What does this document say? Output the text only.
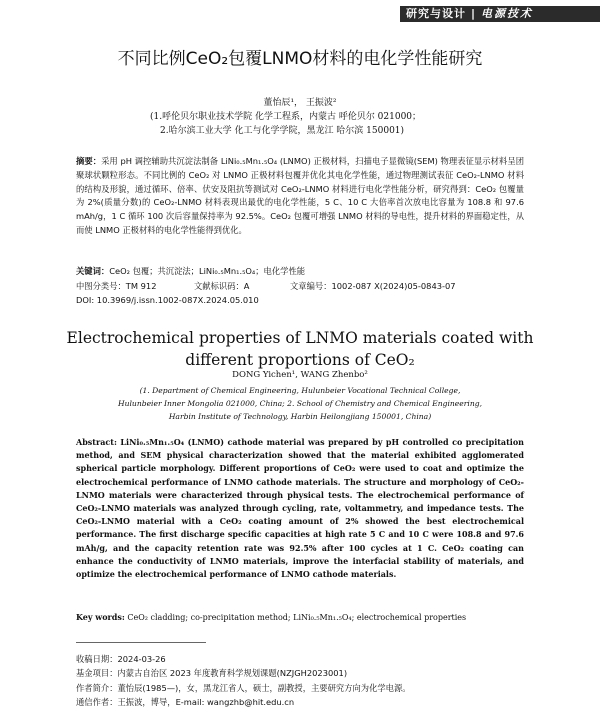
研究与设计 | 电源技术
不同比例CeO₂包覆LNMO材料的电化学性能研究
董怡辰¹， 王振波²
(1.呼伦贝尔职业技术学院 化学工程系，内蒙古 呼伦贝尔 021000；
2.哈尔滨工业大学 化工与化学学院，黑龙江 哈尔滨 150001)
摘要：采用 pH 调控辅助共沉淀法制备 LiNi₀.₅Mn₁.₅O₄ (LNMO) 正极材料，扫描电子显微镜(SEM) 物理表征显示材料呈团聚球状颗粒形态。不同比例的 CeO₂ 对 LNMO 正极材料包覆并优化其电化学性能，通过物理测试表征 CeO₂-LNMO 材料的结构及形貌，通过循环、倍率、伏安及阻抗等测试对 CeO₂-LNMO 材料进行电化学性能分析，研究得到：CeO₂ 包覆量为 2%(质量分数)的 CeO₂-LNMO 材料表现出最优的电化学性能，5 C、10 C 大倍率首次放电比容量为 108.8 和 97.6 mAh/g，1 C 循环 100 次后容量保持率为 92.5%。CeO₂ 包覆可增强 LNMO 材料的导电性，提升材料的界面稳定性，从而使 LNMO 正极材料的电化学性能得到优化。
关键词：CeO₂ 包覆；共沉淀法；LiNi₀.₅Mn₁.₅O₄；电化学性能
中图分类号：TM 912	文献标识码：A	文章编号：1002-087 X(2024)05-0843-07
DOI: 10.3969/j.issn.1002-087X.2024.05.010
Electrochemical properties of LNMO materials coated with different proportions of CeO₂
DONG Yichen¹, WANG Zhenbo²
(1. Department of Chemical Engineering, Hulunbeier Vocational Technical College,
Hulunbeier Inner Mongolia 021000, China; 2. School of Chemistry and Chemical Engineering,
Harbin Institute of Technology, Harbin Heilongjiang 150001, China)
Abstract: LiNi₀.₅Mn₁.₅O₄ (LNMO) cathode material was prepared by pH controlled co precipitation method, and SEM physical characterization showed that the material exhibited agglomerated spherical particle morphology. Different proportions of CeO₂ were used to coat and optimize the electrochemical performance of LNMO cathode materials. The structure and morphology of CeO₂-LNMO materials were characterized through physical tests. The electrochemical performance of CeO₂-LNMO materials was analyzed through cycling, rate, voltammetry, and impedance tests. The CeO₂-LNMO material with a CeO₂ coating amount of 2% showed the best electrochemical performance. The first discharge specific capacities at high rate 5 C and 10 C were 108.8 and 97.6 mAh/g, and the capacity retention rate was 92.5% after 100 cycles at 1 C. CeO₂ coating can enhance the conductivity of LNMO materials, improve the interfacial stability of materials, and optimize the electrochemical performance of LNMO cathode materials.
Key words: CeO₂ cladding; co-precipitation method; LiNi₀.₅Mn₁.₅O₄; electrochemical properties
收稿日期：2024-03-26
基金项目：内蒙古自治区 2023 年度教育科学规划课题(NZJGH2023001)
作者简介：董怡辰(1985—)，女，黑龙江省人，硕士，副教授，主要研究方向为化学电源。
通信作者：王振波，博导，E-mail: wangzhb@hit.edu.cn
